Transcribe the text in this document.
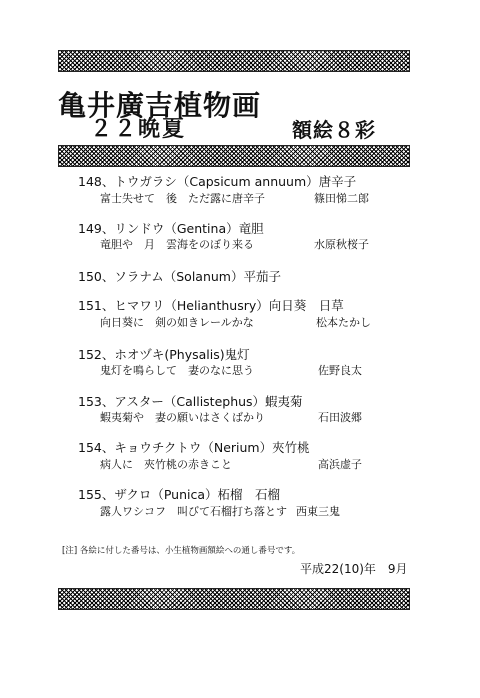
亀井廣吉植物画
２２晩夏	額絵８彩
148、トウガラシ（Capsicum annuum）唐辛子
富士失せて　後　ただ露に唐辛子	篠田悌二郎
149、リンドウ（Gentina）竜胆
竜胆や　月　雲海をのぼり来る	水原秋桜子
150、ソラナム（Solanum）平茄子
151、ヒマワリ（Helianthusry）向日葵　日草
向日葵に　剣の如きレールかな	松本たかし
152、ホオヅキ(Physalis)鬼灯
鬼灯を鳴らして　妻のなに思う	佐野良太
153、アスター（Callistephus）蝦夷菊
蝦夷菊や　妻の願いはさくばかり	石田波郷
154、キョウチクトウ（Nerium）夾竹桃
病人に　夾竹桃の赤きこと	高浜虚子
155、ザクロ（Punica）柘榴　石榴
露人ワシコフ　叫びて石榴打ち落とす 西東三鬼
[注] 各絵に付した番号は、小生植物画額絵への通し番号です。
平成22(10)年　9月
